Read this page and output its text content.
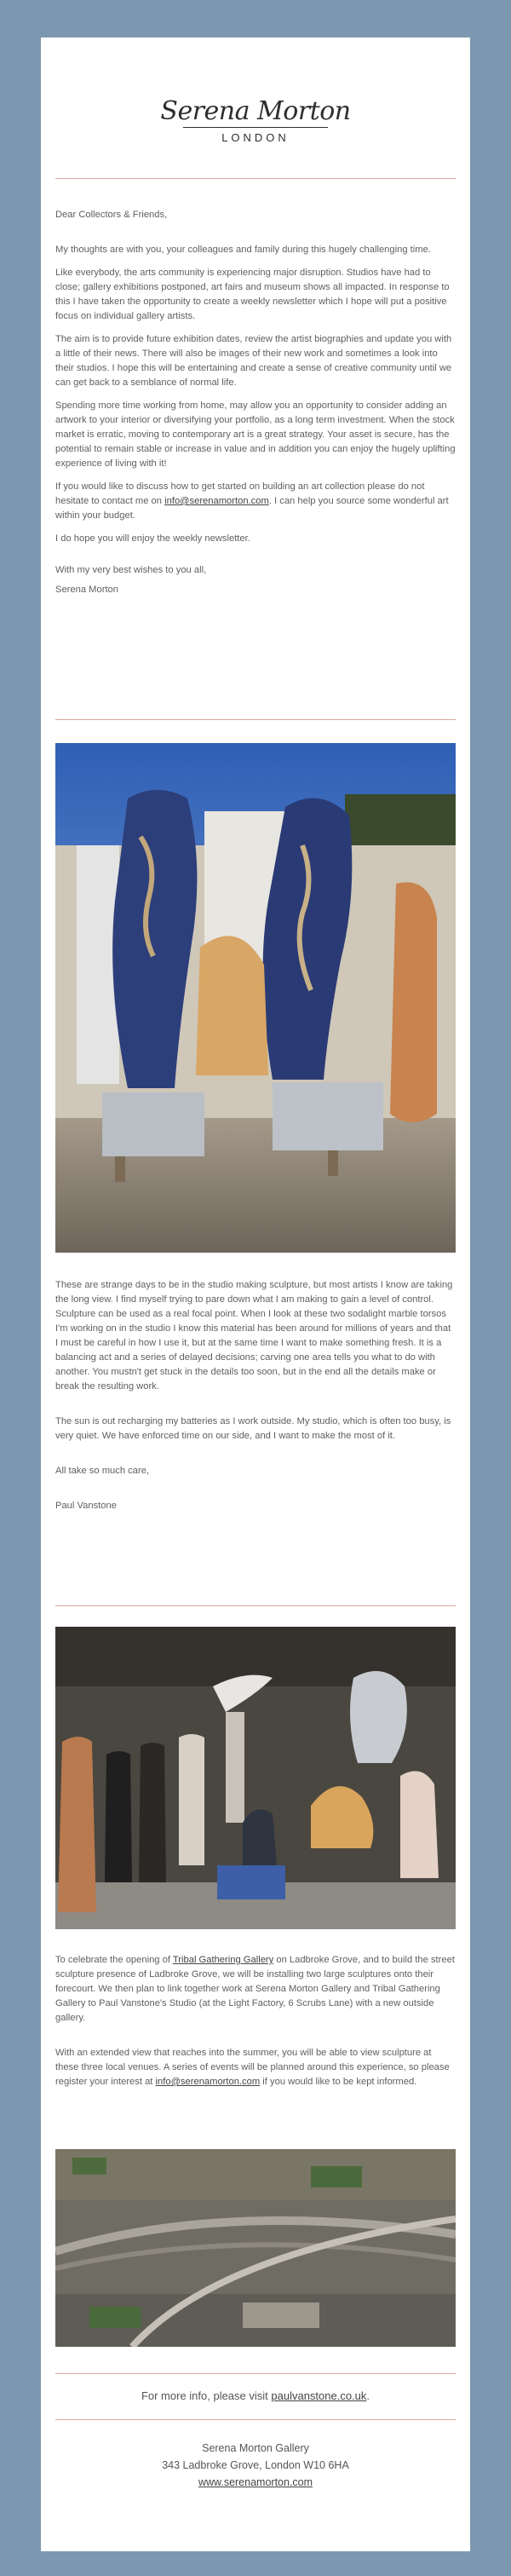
Serena Morton
LONDON

Dear Collectors & Friends,

My thoughts are with you, your colleagues and family during this hugely challenging time.

Like everybody, the arts community is experiencing major disruption. Studios have had to close; gallery exhibitions postponed, art fairs and museum shows all impacted. In response to this I have taken the opportunity to create a weekly newsletter which I hope will put a positive focus on individual gallery artists.

The aim is to provide future exhibition dates, review the artist biographies and update you with a little of their news. There will also be images of their new work and sometimes a look into their studios. I hope this will be entertaining and create a sense of creative community until we can get back to a semblance of normal life.

Spending more time working from home, may allow you an opportunity to consider adding an artwork to your interior or diversifying your portfolio, as a long term investment. When the stock market is erratic, moving to contemporary art is a great strategy. Your asset is secure, has the potential to remain stable or increase in value and in addition you can enjoy the hugely uplifting experience of living with it!

If you would like to discuss how to get started on building an art collection please do not hesitate to contact me on info@serenamorton.com. I can help you source some wonderful art within your budget.

I do hope you will enjoy the weekly newsletter.

With my very best wishes to you all,

Serena Morton

These are strange days to be in the studio making sculpture, but most artists I know are taking the long view. I find myself trying to pare down what I am making to gain a level of control. Sculpture can be used as a real focal point. When I look at these two sodalight marble torsos I'm working on in the studio I know this material has been around for millions of years and that I must be careful in how I use it, but at the same time I want to make something fresh. It is a balancing act and a series of delayed decisions; carving one area tells you what to do with another. You mustn't get stuck in the details too soon, but in the end all the details make or break the resulting work.

The sun is out recharging my batteries as I work outside. My studio, which is often too busy, is very quiet. We have enforced time on our side, and I want to make the most of it.

All take so much care,

Paul Vanstone

To celebrate the opening of Tribal Gathering Gallery on Ladbroke Grove, and to build the street sculpture presence of Ladbroke Grove, we will be installing two large sculptures onto their forecourt. We then plan to link together work at Serena Morton Gallery and Tribal Gathering Gallery to Paul Vanstone's Studio (at the Light Factory, 6 Scrubs Lane) with a new outside gallery.

With an extended view that reaches into the summer, you will be able to view sculpture at these three local venues. A series of events will be planned around this experience, so please register your interest at info@serenamorton.com if you would like to be kept informed.

For more info, please visit paulvanstone.co.uk.
Serena Morton Gallery
343 Ladbroke Grove, London W10 6HA
www.serenamorton.com
